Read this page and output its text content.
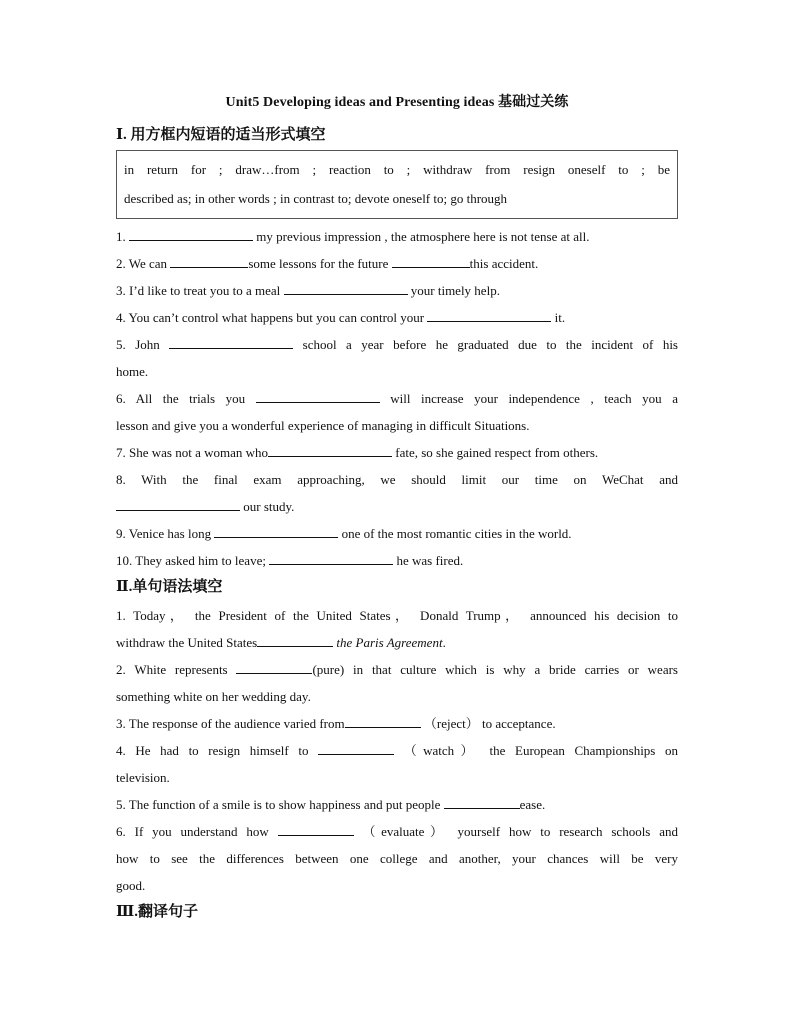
Unit5 Developing ideas and Presenting ideas 基础过关练
Ⅰ. 用方框内短语的适当形式填空
in return for ; draw…from ; reaction to ; withdraw from resign oneself to ; be
described as; in other words ; in contrast to; devote oneself to; go through

1.	my previous impression , the atmosphere here is not tense at all.

2. We can	some lessons for the future	this accident.

3. I’d like to treat you to a meal	your timely help.

4. You can’t control what happens but you can control your	it.

5. John	school a year before he graduated due to the incident of his

home.

6. All the trials you	will increase your independence , teach you a

lesson and give you a wonderful experience of managing in difficult Situations.

7. She was not a woman who	fate, so she gained respect from others.

8. With the final exam approaching, we should limit our time on WeChat and

our study.

9. Venice has long	one of the most romantic cities in the world.

10. They asked him to leave;	he was fired.

Ⅱ.单句语法填空

1. Today， the President of the United States， Donald Trump， announced his decision to

withdraw the United States	the Paris Agreement.

2. White represents	(pure) in that culture which is why a bride carries or wears

something white on her wedding day.

3. The response of the audience varied from	（reject） to acceptance.

4. He had to resign himself to	（watch） the European Championships on

television.

5. The function of a smile is to show happiness and put people	ease.

6. If you understand how	（evaluate） yourself how to research schools and

how to see the differences between one college and another, your chances will be very

good.

Ⅲ.翻译句子
